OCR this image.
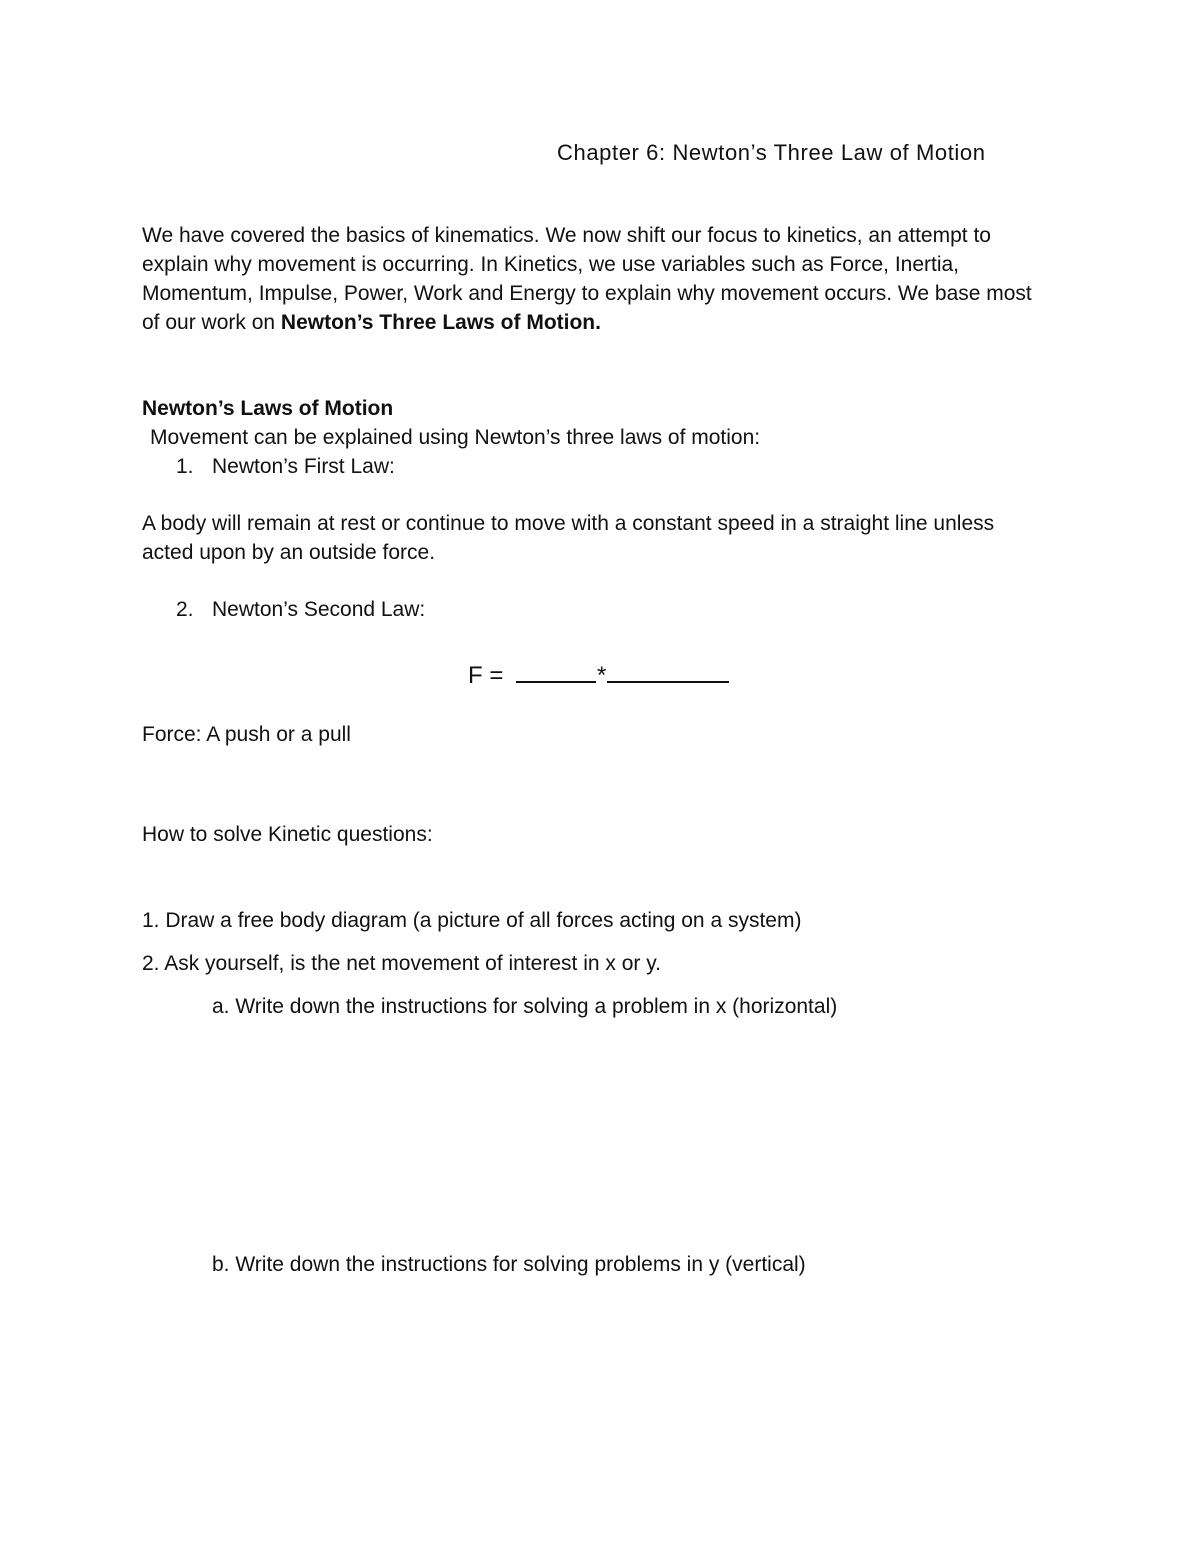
Chapter 6: Newton’s Three Law of Motion

We have covered the basics of kinematics. We now shift our focus to kinetics, an attempt to

explain why movement is occurring. In Kinetics, we use variables such as Force, Inertia,

Momentum, Impulse, Power, Work and Energy to explain why movement occurs. We base most

of our work on Newton’s Three Laws of Motion.

Newton’s Laws of Motion
Movement can be explained using Newton’s three laws of motion:
1. Newton’s First Law:
A body will remain at rest or continue to move with a constant speed in a straight line unless
acted upon by an outside force.
2. Newton’s Second Law:
F =	*
Force: A push or a pull
How to solve Kinetic questions:
1. Draw a free body diagram (a picture of all forces acting on a system)
2. Ask yourself, is the net movement of interest in x or y.
a. Write down the instructions for solving a problem in x (horizontal)
b. Write down the instructions for solving problems in y (vertical)
